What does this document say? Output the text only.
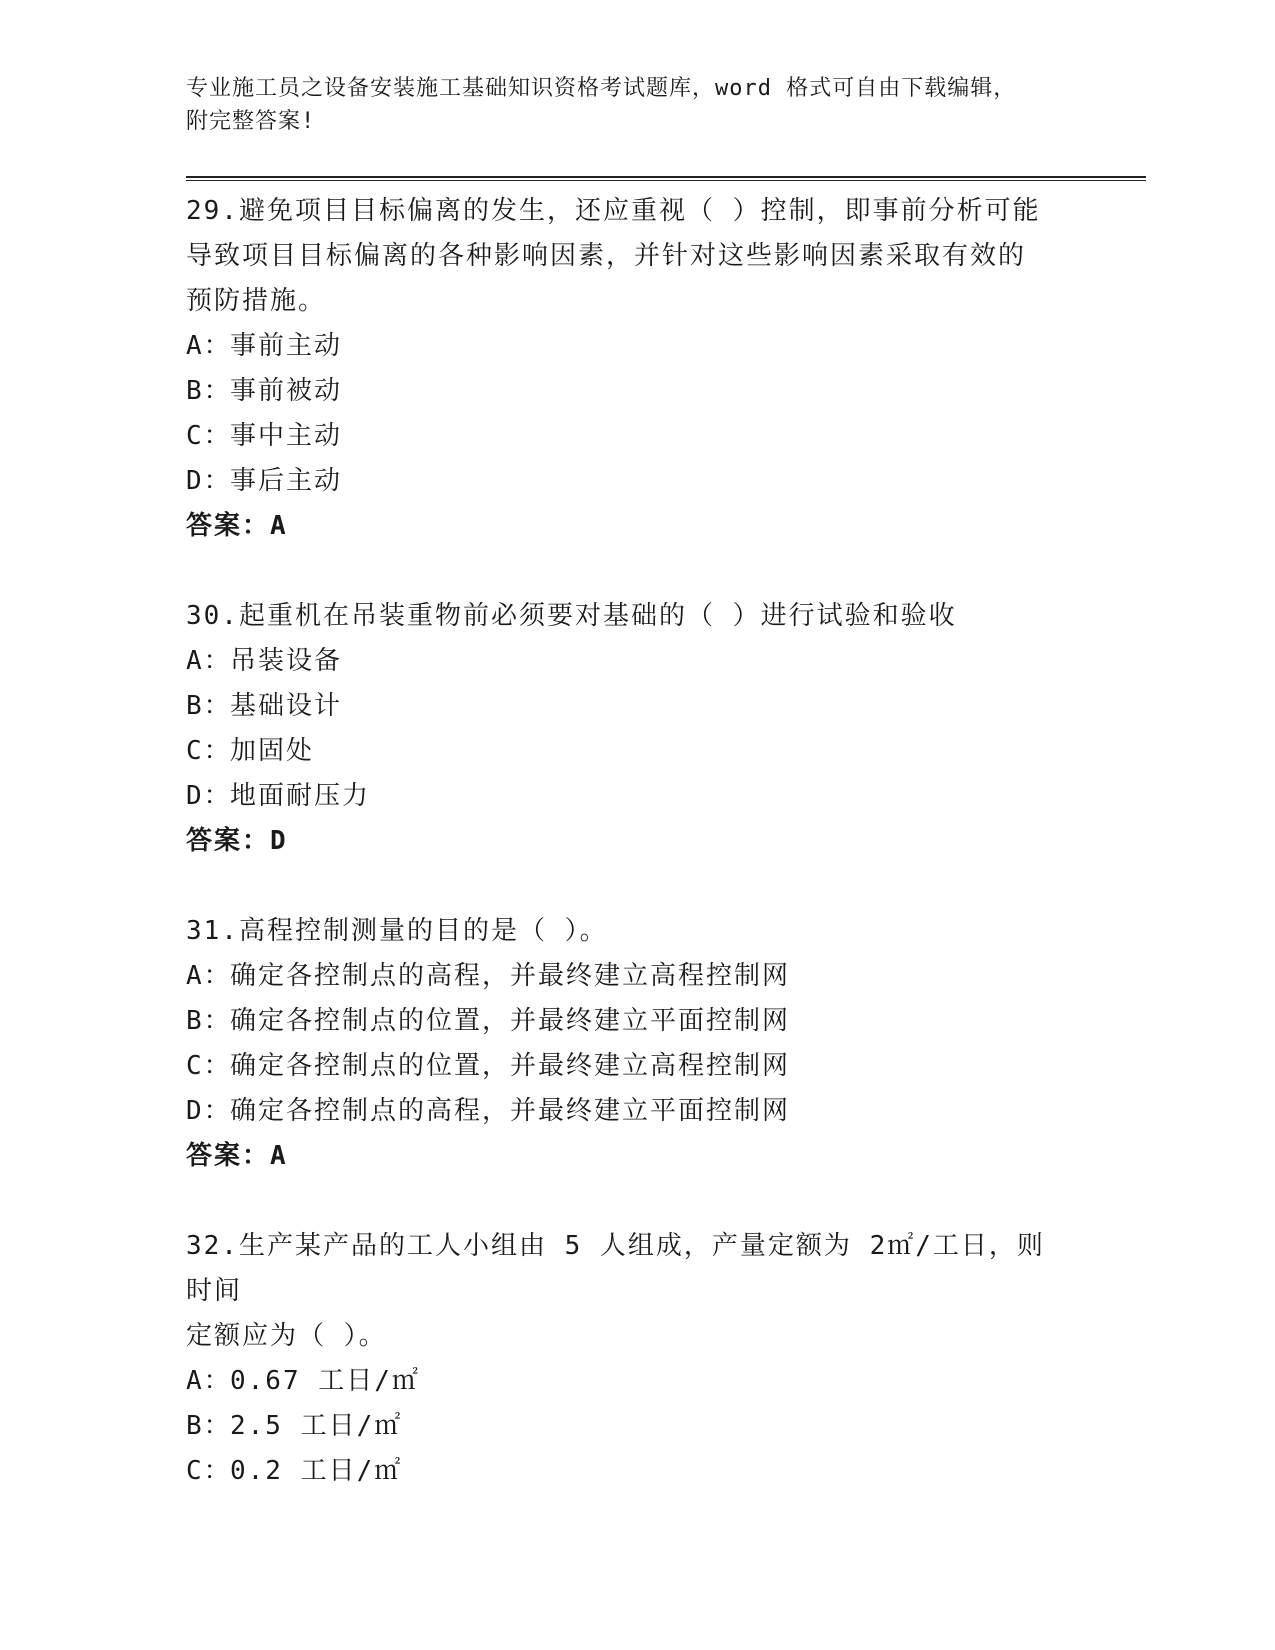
专业施工员之设备安装施工基础知识资格考试题库，word 格式可自由下载编辑，

附完整答案!

29.避免项目目标偏离的发生，还应重视（ ）控制，即事前分析可能

导致项目目标偏离的各种影响因素，并针对这些影响因素采取有效的

预防措施。

A：
事前主动

B：
事前被动

C：
事中主动

D：
事后主动

答案：A

30.起重机在吊装重物前必须要对基础的（ ）进行试验和验收

A：
吊装设备

B：
基础设计

C：
加固处

D：
地面耐压力

答案：D

31.高程控制测量的目的是（ ）。

A：
确定各控制点的高程，并最终建立高程控制网

B：
确定各控制点的位置，并最终建立平面控制网

C：
确定各控制点的位置，并最终建立高程控制网

D：
确定各控制点的高程，并最终建立平面控制网

答案：A

32.生产某产品的工人小组由 5 人组成，产量定额为 2㎡/工日，则时间

定额应为（ ）。

A：
0.67 工日/㎡

B：
2.5 工日/㎡

C：
0.2 工日/㎡
